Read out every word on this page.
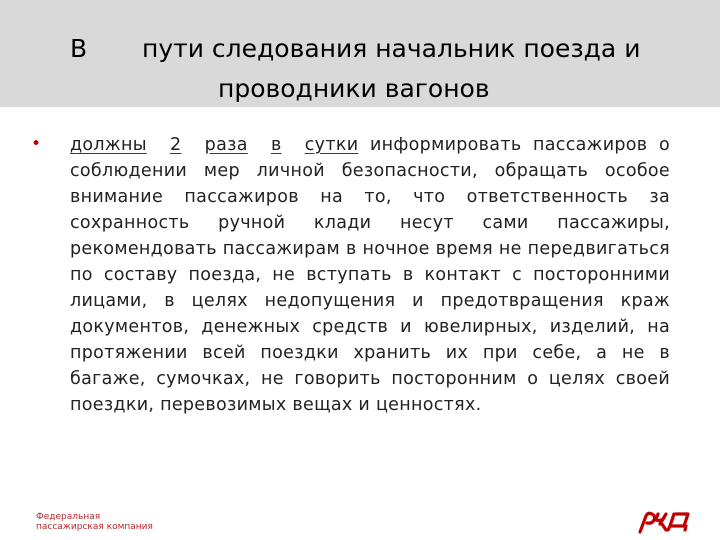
В пути следования начальник поезда и
проводники вагонов
• должны 2 раза в сутки информировать пассажиров о соблюдении мер личной безопасности, обращать особое внимание пассажиров на то, что ответственность за сохранность ручной клади несут сами пассажиры, рекомендовать пассажирам в ночное время не передвигаться по составу поезда, не вступать в контакт с посторонними лицами, в целях недопущения и предотвращения краж документов, денежных средств и ювелирных, изделий, на протяжении всей поездки хранить их при себе, а не в багаже, сумочках, не говорить посторонним о целях своей поездки, перевозимых вещах и ценностях.
Федеральная
пассажирская компания
РЖД
